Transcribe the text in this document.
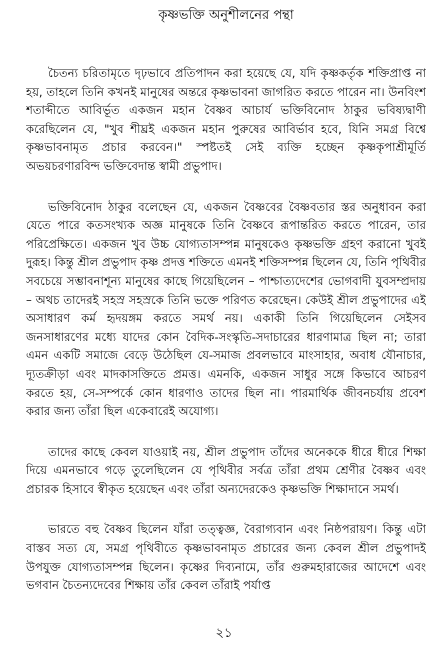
কৃষ্ণভক্তি অনুশীলনের পন্থা

চৈতন্য চরিতামৃতে দৃঢ়ভাবে প্রতিপাদন করা হয়েছে যে, যদি কৃষ্ণকর্তৃক শক্তিপ্রাপ্ত না হয়, তাহলে তিনি কখনই মানুষের অন্তরে কৃষ্ণভাবনা জাগরিত করতে পারেন না। উনবিংশ শতাব্দীতে আবির্ভূত একজন মহান বৈষ্ণব আচার্য ভক্তিবিনোদ ঠাকুর ভবিষ্যদ্বাণী করেছিলেন যে, "খুব শীঘ্রই একজন মহান পুরুষের আবির্ভাব হবে, যিনি সমগ্র বিশ্বে কৃষ্ণভাবনামৃত প্রচার করবেন।" স্পষ্টতই সেই ব্যক্তি হচ্ছেন কৃষ্ণকৃপাশ্রীমূর্তি অভয়চরণারবিন্দ ভক্তিবেদান্ত স্বামী প্রভুপাদ।

ভক্তিবিনোদ ঠাকুর বলেছেন যে, একজন বৈষ্ণবের বৈষ্ণবতার স্তর অনুধাবন করা যেতে পারে কতসংখ্যক অজ্ঞ মানুষকে তিনি বৈষ্ণবে রূপান্তরিত করতে পারেন, তার পরিপ্রেক্ষিতে। একজন খুব উচ্চ যোগ্যতাসম্পন্ন মানুষকেও কৃষ্ণভক্তি গ্রহণ করানো খুবই দুরূহ। কিন্তু শ্রীল প্রভুপাদ কৃষ্ণ প্রদত্ত শক্তিতে এমনই শক্তিসম্পন্ন ছিলেন যে, তিনি পৃথিবীর সবচেয়ে সম্ভাবনাশূন্য মানুষের কাছে গিয়েছিলেন – পাশ্চাত্যদেশের ভোগবাদী যুবসম্প্রদায় – অথচ তাদেরই সহস্র সহস্রকে তিনি ভক্তে পরিণত করেছেন। কেউই শ্রীল প্রভুপাদের এই অসাধারণ কর্ম হৃদয়ঙ্গম করতে সমর্থ নয়। একাকী তিনি গিয়েছিলেন সেইসব জনসাধারণের মধ্যে যাদের কোন বৈদিক-সংস্কৃতি-সদাচারের ধারণামাত্র ছিল না; তারা এমন একটি সমাজে বেড়ে উঠেছিল যে-সমাজ প্রবলভাবে মাংসাহার, অবাধ যৌনাচার, দ্যূতক্রীড়া এবং মাদকাসক্তিতে প্রমত্ত। এমনকি, একজন সাধুর সঙ্গে কিভাবে আচরণ করতে হয়, সে-সম্পর্কে কোন ধারণাও তাদের ছিল না। পারমার্থিক জীবনচর্যায় প্রবেশ করার জন্য তাঁরা ছিল একেবারেই অযোগ্য।

তাদের কাছে কেবল যাওয়াই নয়, শ্রীল প্রভুপাদ তাঁদের অনেককে ধীরে ধীরে শিক্ষা দিয়ে এমনভাবে গড়ে তুলেছিলেন যে পৃথিবীর সর্বত্র তাঁরা প্রথম শ্রেণীর বৈষ্ণব এবং প্রচারক হিসাবে স্বীকৃত হয়েছেন এবং তাঁরা অন্যদেরকেও কৃষ্ণভক্তি শিক্ষাদানে সমর্থ।

ভারতে বহু বৈষ্ণব ছিলেন যাঁরা তত্ত্বজ্ঞ, বৈরাগ্যবান এবং নিষ্ঠপরায়ণ। কিন্তু এটা বাস্তব সত্য যে, সমগ্র পৃথিবীতে কৃষ্ণভাবনামৃত প্রচারের জন্য কেবল শ্রীল প্রভুপাদই উপযুক্ত যোগ্যতাসম্পন্ন ছিলেন। কৃষ্ণের দিব্যনামে, তাঁর গুরুমহারাজের আদেশে এবং ভগবান চৈতন্যদেবের শিক্ষায় তাঁর কেবল তাঁরাই পর্যাপ্ত

২১
